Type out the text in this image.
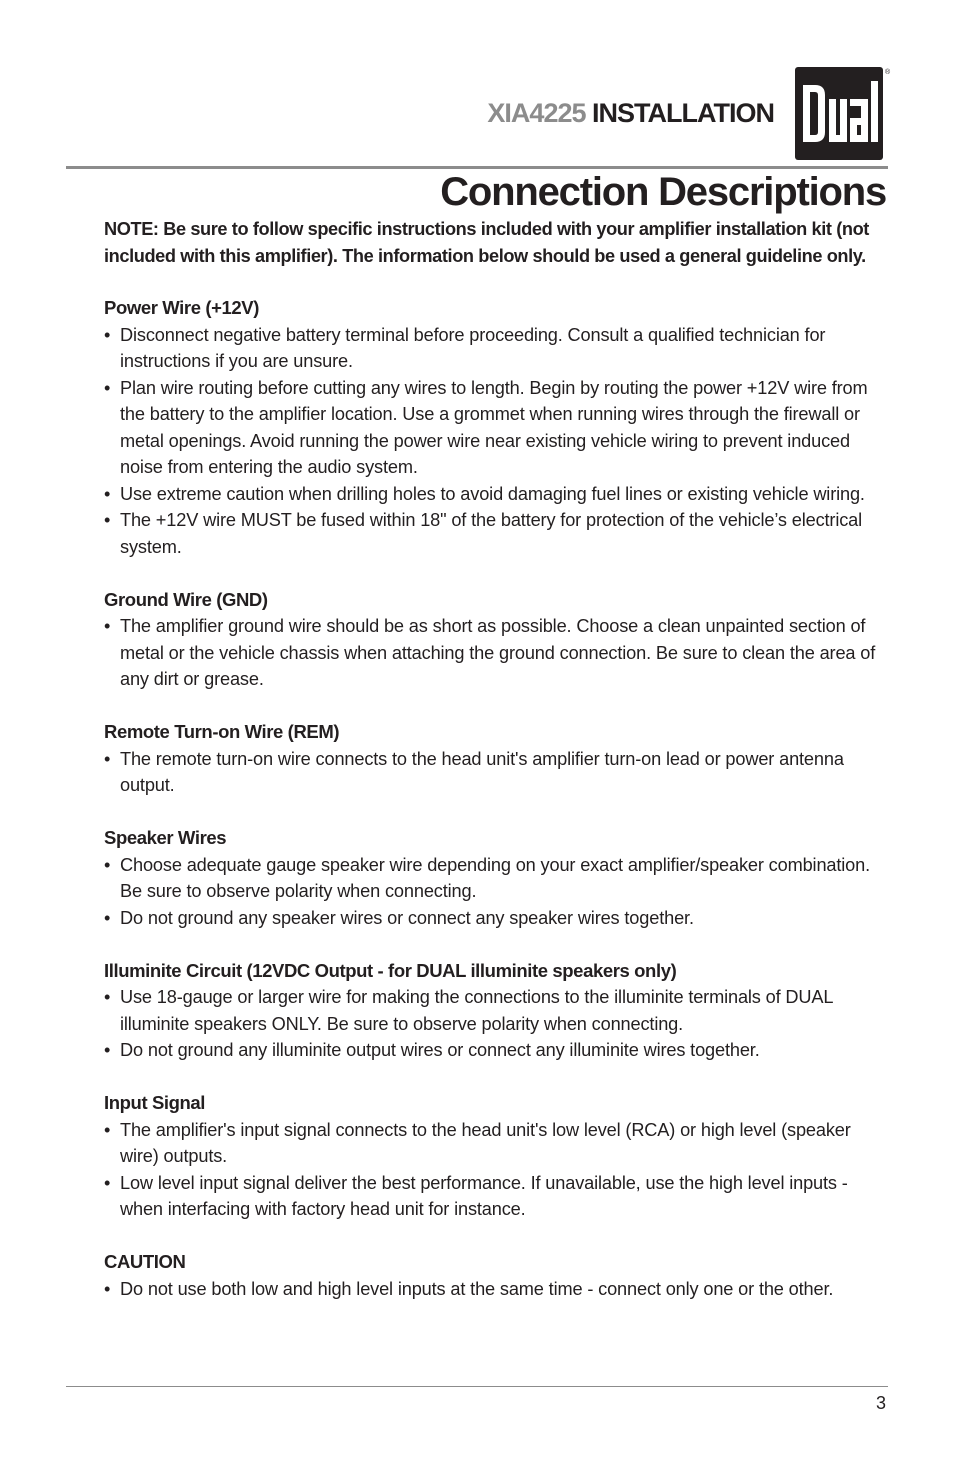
XIA4225 INSTALLATION
®
Connection Descriptions

NOTE: Be sure to follow specific instructions included with your amplifier installation kit (not included with this amplifier). The information below should be used a general guideline only.

Power Wire (+12V)
• Disconnect negative battery terminal before proceeding. Consult a qualified technician for instructions if you are unsure.
• Plan wire routing before cutting any wires to length. Begin by routing the power +12V wire from the battery to the amplifier location. Use a grommet when running wires through the firewall or metal openings. Avoid running the power wire near existing vehicle wiring to prevent induced noise from entering the audio system.
• Use extreme caution when drilling holes to avoid damaging fuel lines or existing vehicle wiring.
• The +12V wire MUST be fused within 18" of the battery for protection of the vehicle’s electrical system.
Ground Wire (GND)
• The amplifier ground wire should be as short as possible. Choose a clean unpainted section of metal or the vehicle chassis when attaching the ground connection. Be sure to clean the area of any dirt or grease.
Remote Turn-on Wire (REM)
• The remote turn-on wire connects to the head unit's amplifier turn-on lead or power antenna output.
Speaker Wires
• Choose adequate gauge speaker wire depending on your exact amplifier/speaker combination. Be sure to observe polarity when connecting.
• Do not ground any speaker wires or connect any speaker wires together.
Illuminite Circuit (12VDC Output - for DUAL illuminite speakers only)
• Use 18-gauge or larger wire for making the connections to the illuminite terminals of DUAL illuminite speakers ONLY. Be sure to observe polarity when connecting.
• Do not ground any illuminite output wires or connect any illuminite wires together.
Input Signal
• The amplifier's input signal connects to the head unit's low level (RCA) or high level (speaker wire) outputs.
• Low level input signal deliver the best performance. If unavailable, use the high level inputs - when interfacing with factory head unit for instance.
CAUTION
• Do not use both low and high level inputs at the same time - connect only one or the other.
3
